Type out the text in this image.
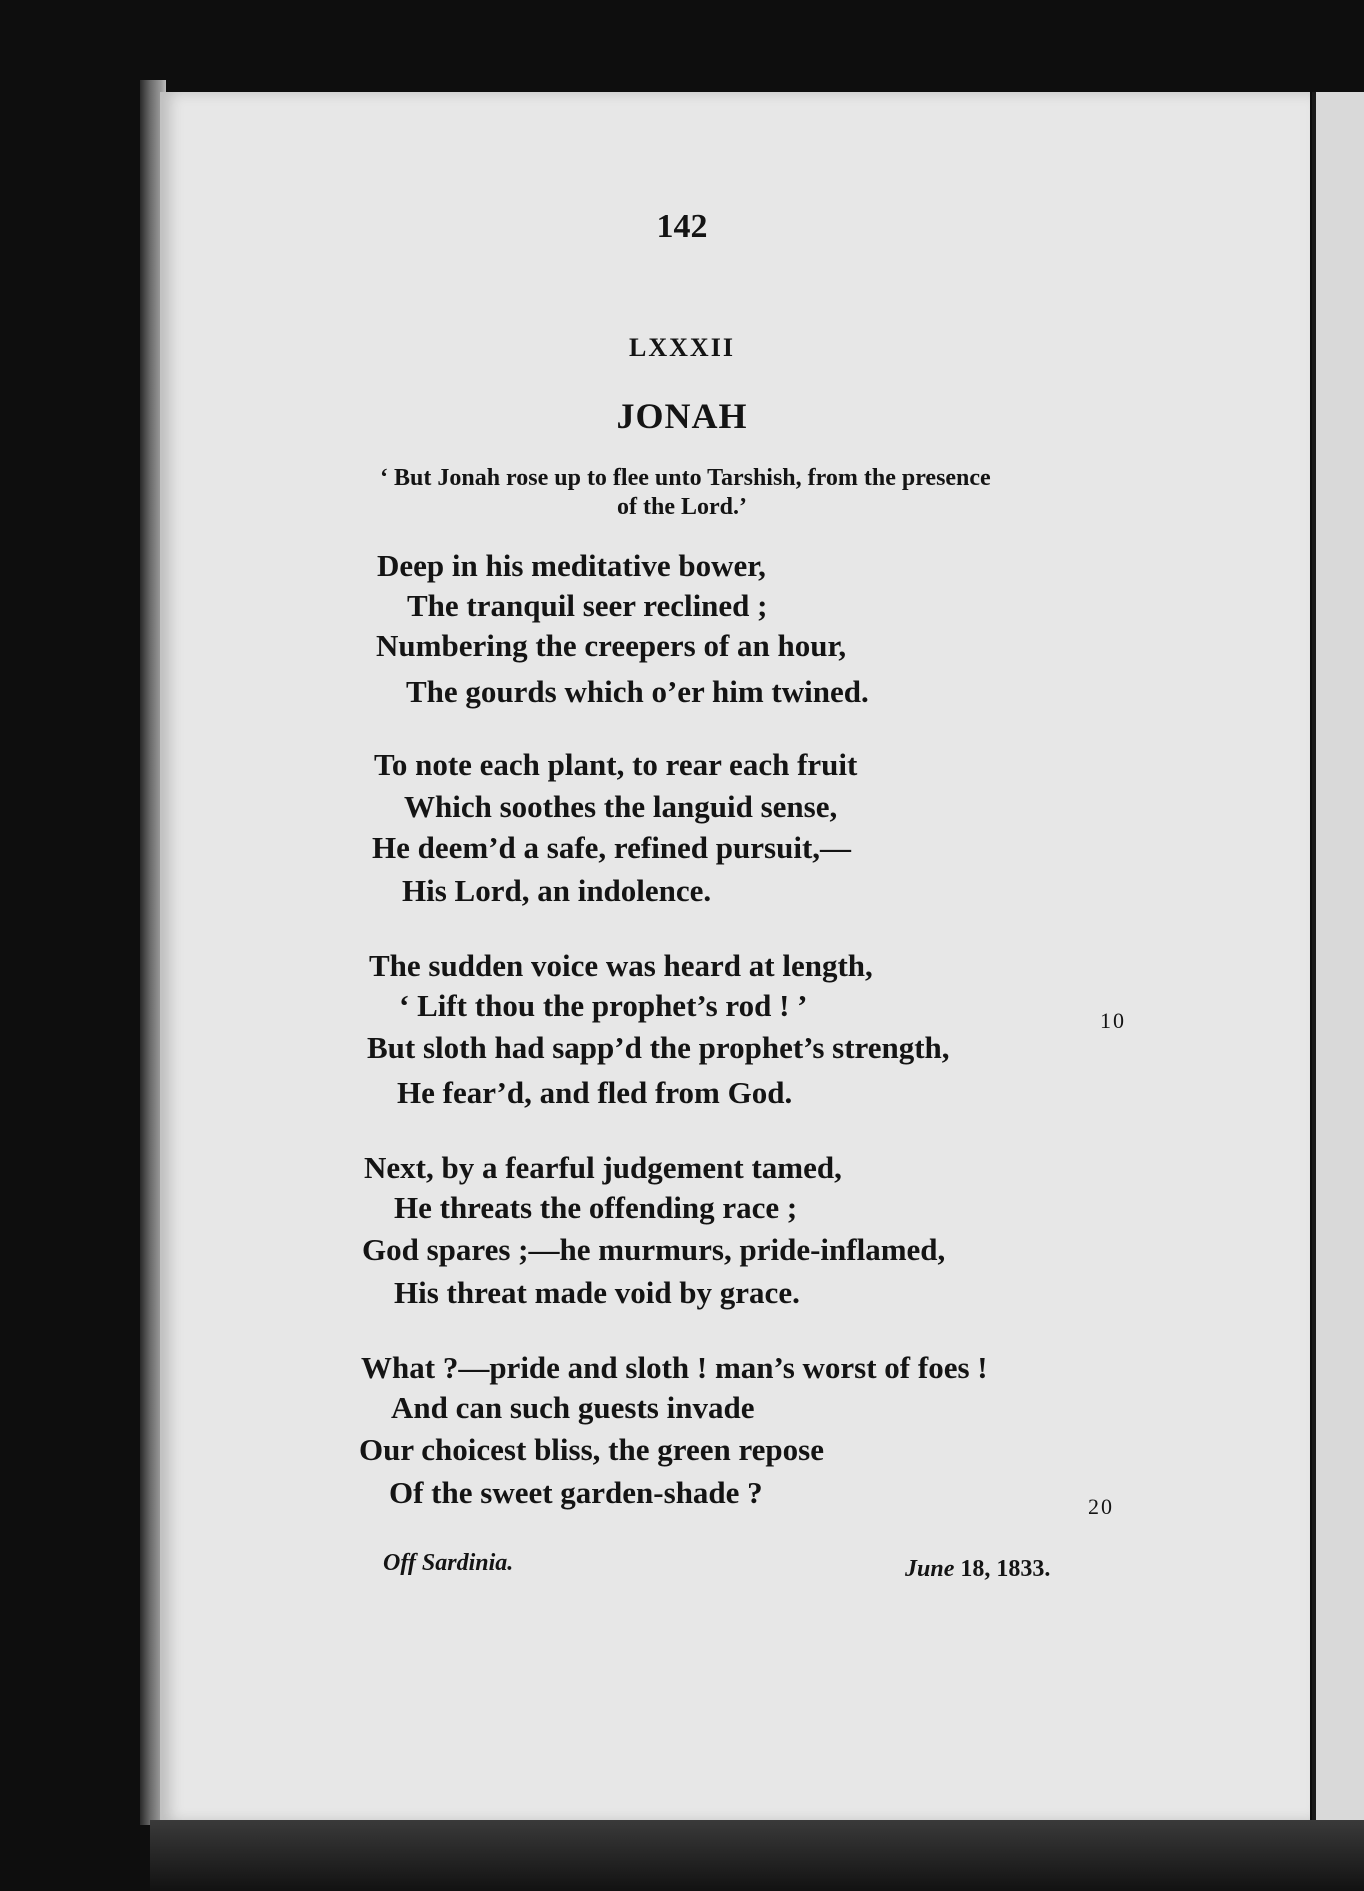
142
LXXXII
JONAH
‘ But Jonah rose up to flee unto Tarshish, from the presence
of the Lord.’
Deep in his meditative bower,
The tranquil seer reclined ;
Numbering the creepers of an hour,
The gourds which o’er him twined.
To note each plant, to rear each fruit
Which soothes the languid sense,
He deem’d a safe, refined pursuit,—
His Lord, an indolence.
The sudden voice was heard at length,
‘ Lift thou the prophet’s rod ! ’	10
But sloth had sapp’d the prophet’s strength,
He fear’d, and fled from God.
Next, by a fearful judgement tamed,
He threats the offending race ;
God spares ;—he murmurs, pride-inflamed,
His threat made void by grace.
What ?—pride and sloth ! man’s worst of foes !
And can such guests invade
Our choicest bliss, the green repose
Of the sweet garden-shade ?	20
Off Sardinia.	June 18, 1833.
